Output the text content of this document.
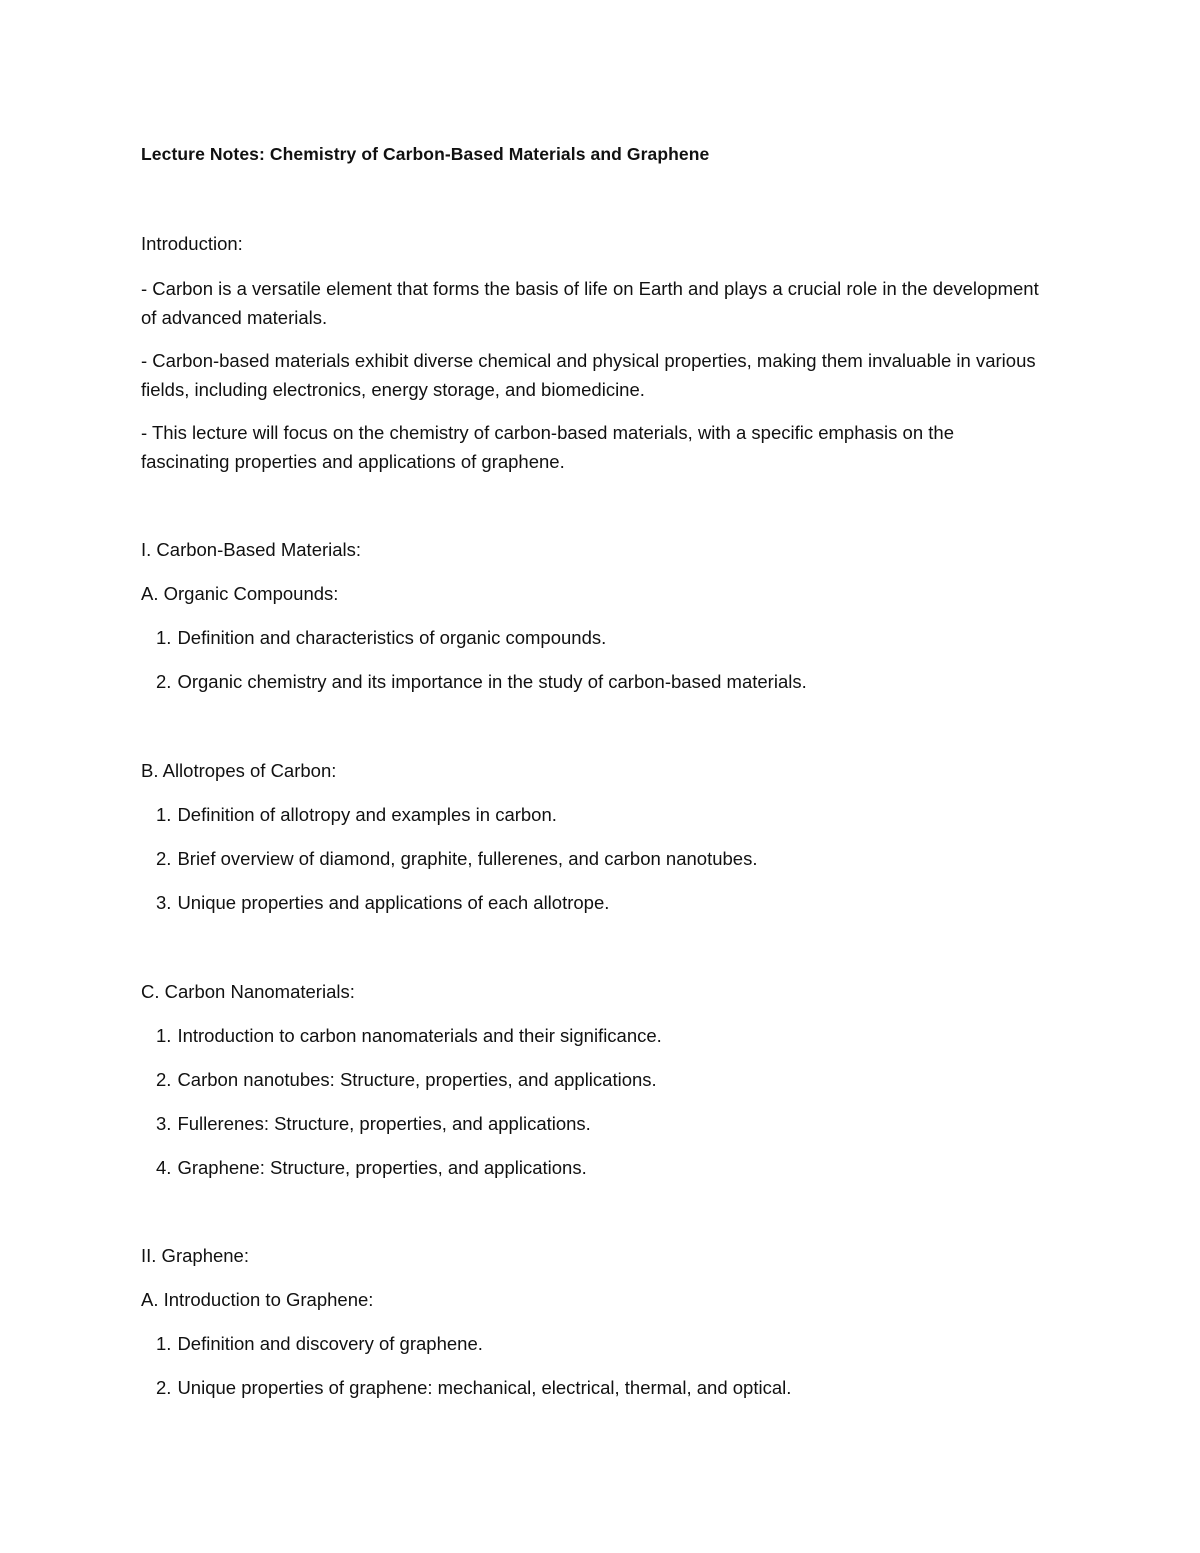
Lecture Notes: Chemistry of Carbon-Based Materials and Graphene
Introduction:
- Carbon is a versatile element that forms the basis of life on Earth and plays a crucial role in the development of advanced materials.
- Carbon-based materials exhibit diverse chemical and physical properties, making them invaluable in various fields, including electronics, energy storage, and biomedicine.
- This lecture will focus on the chemistry of carbon-based materials, with a specific emphasis on the fascinating properties and applications of graphene.
I. Carbon-Based Materials:
A. Organic Compounds:
1. Definition and characteristics of organic compounds.
2. Organic chemistry and its importance in the study of carbon-based materials.
B. Allotropes of Carbon:
1. Definition of allotropy and examples in carbon.
2. Brief overview of diamond, graphite, fullerenes, and carbon nanotubes.
3. Unique properties and applications of each allotrope.
C. Carbon Nanomaterials:
1. Introduction to carbon nanomaterials and their significance.
2. Carbon nanotubes: Structure, properties, and applications.
3. Fullerenes: Structure, properties, and applications.
4. Graphene: Structure, properties, and applications.
II. Graphene:
A. Introduction to Graphene:
1. Definition and discovery of graphene.
2. Unique properties of graphene: mechanical, electrical, thermal, and optical.
